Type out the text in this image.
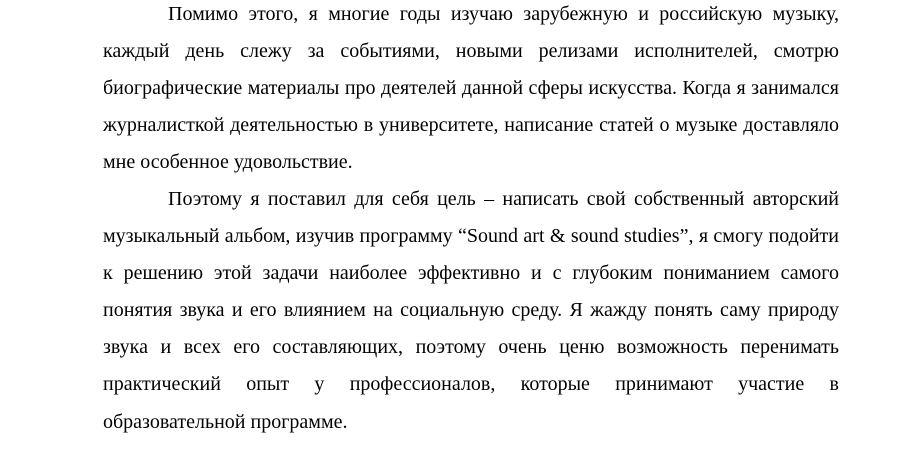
Помимо этого, я многие годы изучаю зарубежную и российскую музыку, каждый день слежу за событиями, новыми релизами исполнителей, смотрю биографические материалы про деятелей данной сферы искусства. Когда я занимался журналисткой деятельностью в университете, написание статей о музыке доставляло мне особенное удовольствие.

Поэтому я поставил для себя цель – написать свой собственный авторский музыкальный альбом, изучив программу “Sound art & sound studies”, я смогу подойти к решению этой задачи наиболее эффективно и с глубоким пониманием самого понятия звука и его влиянием на социальную среду. Я жажду понять саму природу звука и всех его составляющих, поэтому очень ценю возможность перенимать практический опыт у профессионалов, которые принимают участие в образовательной программе.
